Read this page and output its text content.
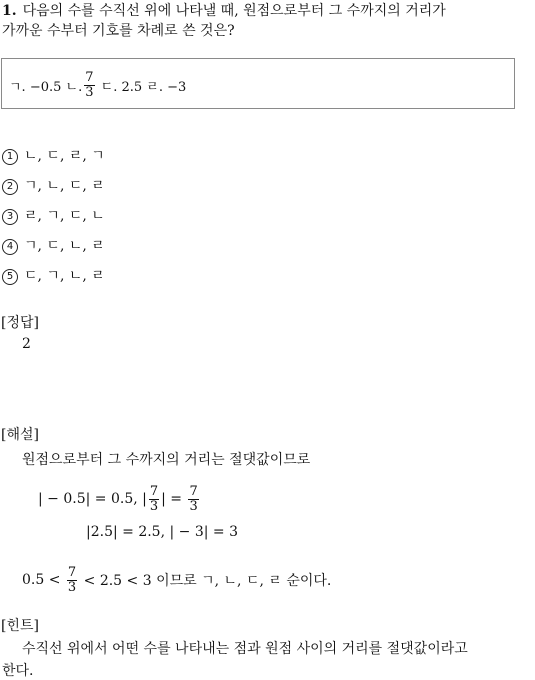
1. 다음의 수를 수직선 위에 나타낼 때, 원점으로부터 그 수까지의 거리가
가까운 수부터 기호를 차례로 쓴 것은?
ㄱ. −0.5
ㄴ. $\frac{7}{3}$
ㄷ. 2.5
ㄹ. −3
1 ㄴ, ㄷ, ㄹ, ㄱ
2 ㄱ, ㄴ, ㄷ, ㄹ
3 ㄹ, ㄱ, ㄷ, ㄴ
4 ㄱ, ㄷ, ㄴ, ㄹ
5 ㄷ, ㄱ, ㄴ, ㄹ
[정답]
2
[해설]
원점으로부터 그 수까지의 거리는 절댓값이므로
| − 0.5| = 0.5, | $\frac{7}{3}$ | =
$\frac{7}{3}$
|2.5| = 2.5, | − 3| = 3
0.5 <
$\frac{7}{3}$
< 2.5 < 3 이므로 ㄱ, ㄴ, ㄷ, ㄹ 순이다.
[힌트]
수직선 위에서 어떤 수를 나타내는 점과 원점 사이의 거리를 절댓값이라고
한다.
